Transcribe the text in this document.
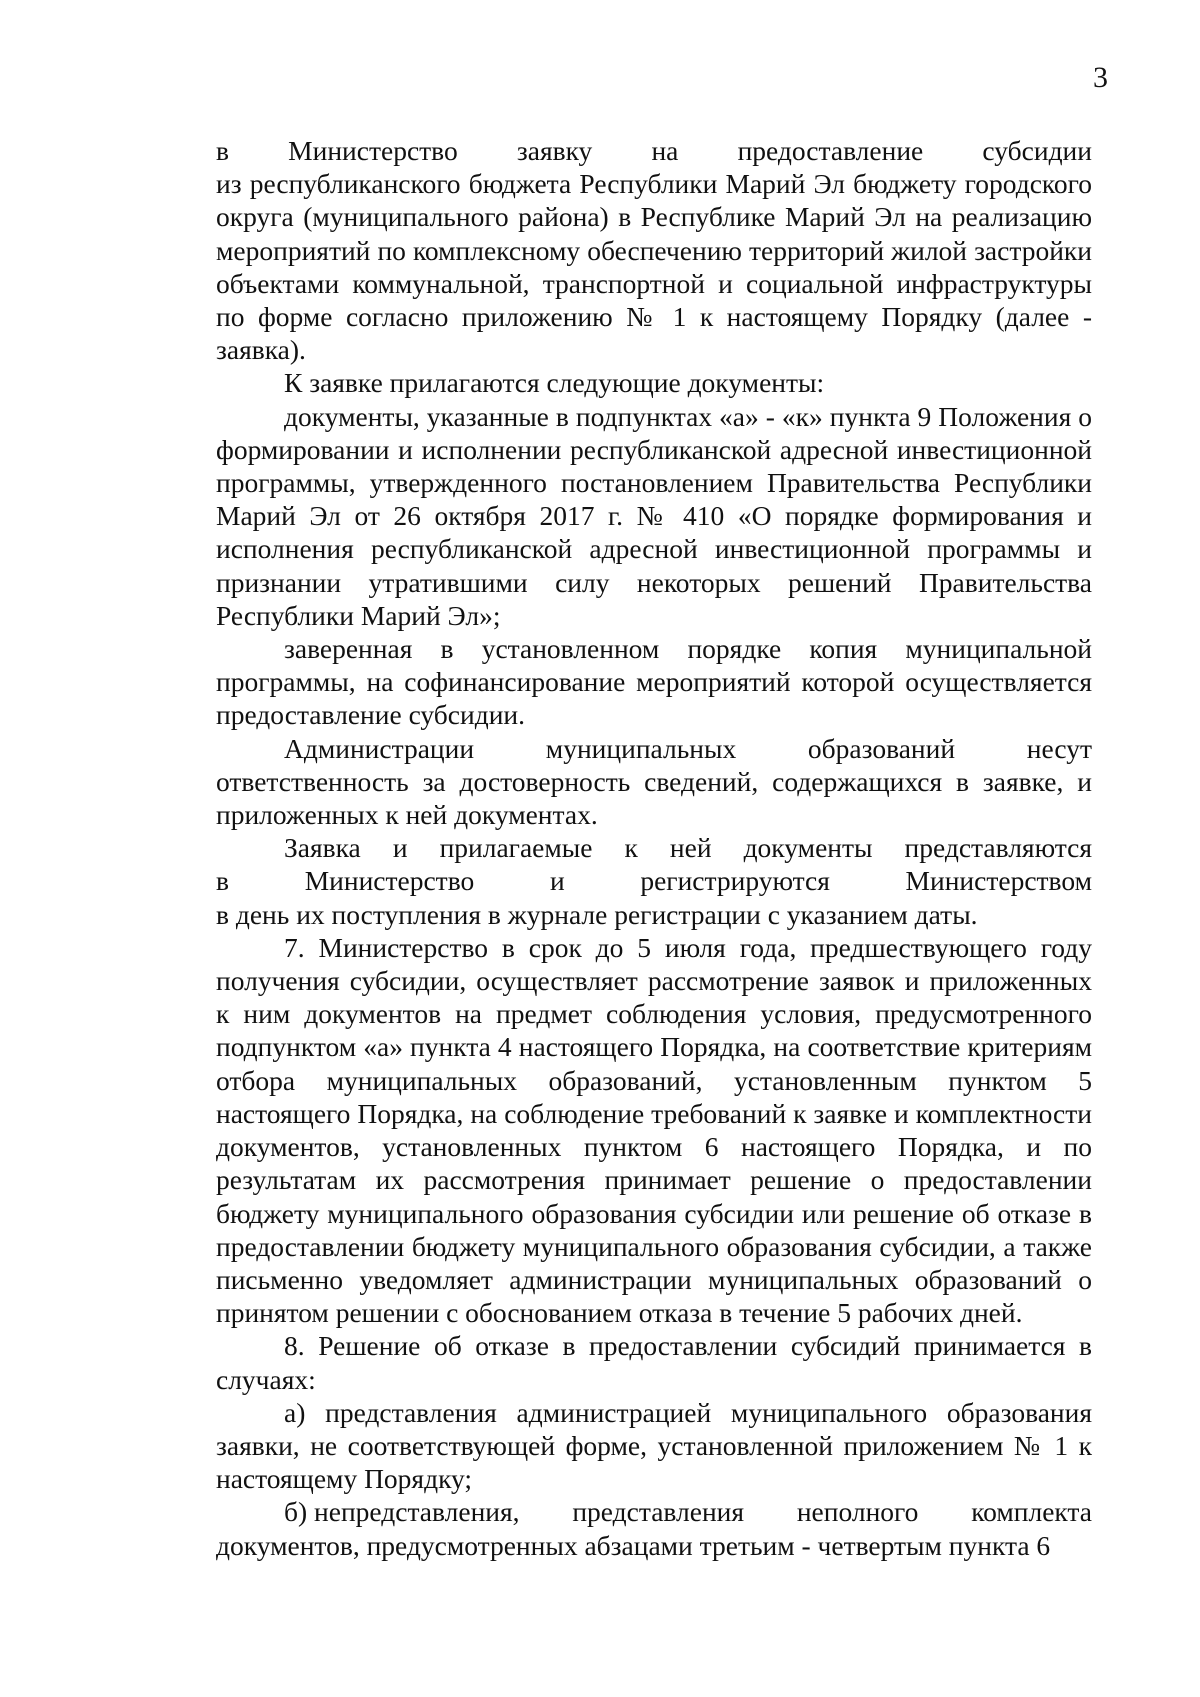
3
в Министерство заявку на предоставление субсидии

из республиканского бюджета Республики Марий Эл бюджету городского округа (муниципального района) в Республике Марий Эл на реализацию мероприятий по комплексному обеспечению территорий жилой застройки объектами коммунальной, транспортной и социальной инфраструктуры по форме согласно приложению № 1 к настоящему Порядку (далее - заявка).

К заявке прилагаются следующие документы:

документы, указанные в подпунктах «а» - «к» пункта 9 Положения о формировании и исполнении республиканской адресной инвестиционной программы, утвержденного постановлением Правительства Республики Марий Эл от 26 октября 2017 г. № 410 «О порядке формирования и исполнения республиканской адресной инвестиционной программы и признании утратившими силу некоторых решений Правительства Республики Марий Эл»;

заверенная в установленном порядке копия муниципальной программы, на софинансирование мероприятий которой осуществляется предоставление субсидии.

Администрации муниципальных образований несут ответственность за достоверность сведений, содержащихся в заявке, и приложенных к ней документах.

Заявка и прилагаемые к ней документы представляются
в	Министерство	и	регистрируются	Министерством

в день их поступления в журнале регистрации с указанием даты.

7. Министерство в срок до 5 июля года, предшествующего году получения субсидии, осуществляет рассмотрение заявок и приложенных к ним документов на предмет соблюдения условия, предусмотренного подпунктом «а» пункта 4 настоящего Порядка, на соответствие критериям отбора муниципальных образований, установленным пунктом 5 настоящего Порядка, на соблюдение требований к заявке и комплектности документов, установленных пунктом 6 настоящего Порядка, и по результатам их рассмотрения принимает решение о предоставлении бюджету муниципального образования субсидии или решение об отказе в предоставлении бюджету муниципального образования субсидии, а также письменно уведомляет администрации муниципальных образований о принятом решении с обоснованием отказа в течение 5 рабочих дней.

8. Решение об отказе в предоставлении субсидий принимается в случаях:

а) представления администрацией муниципального образования заявки, не соответствующей форме, установленной приложением № 1 к настоящему Порядку;

б) непредставления, представления неполного комплекта
документов, предусмотренных абзацами третьим - четвертым пункта 6
